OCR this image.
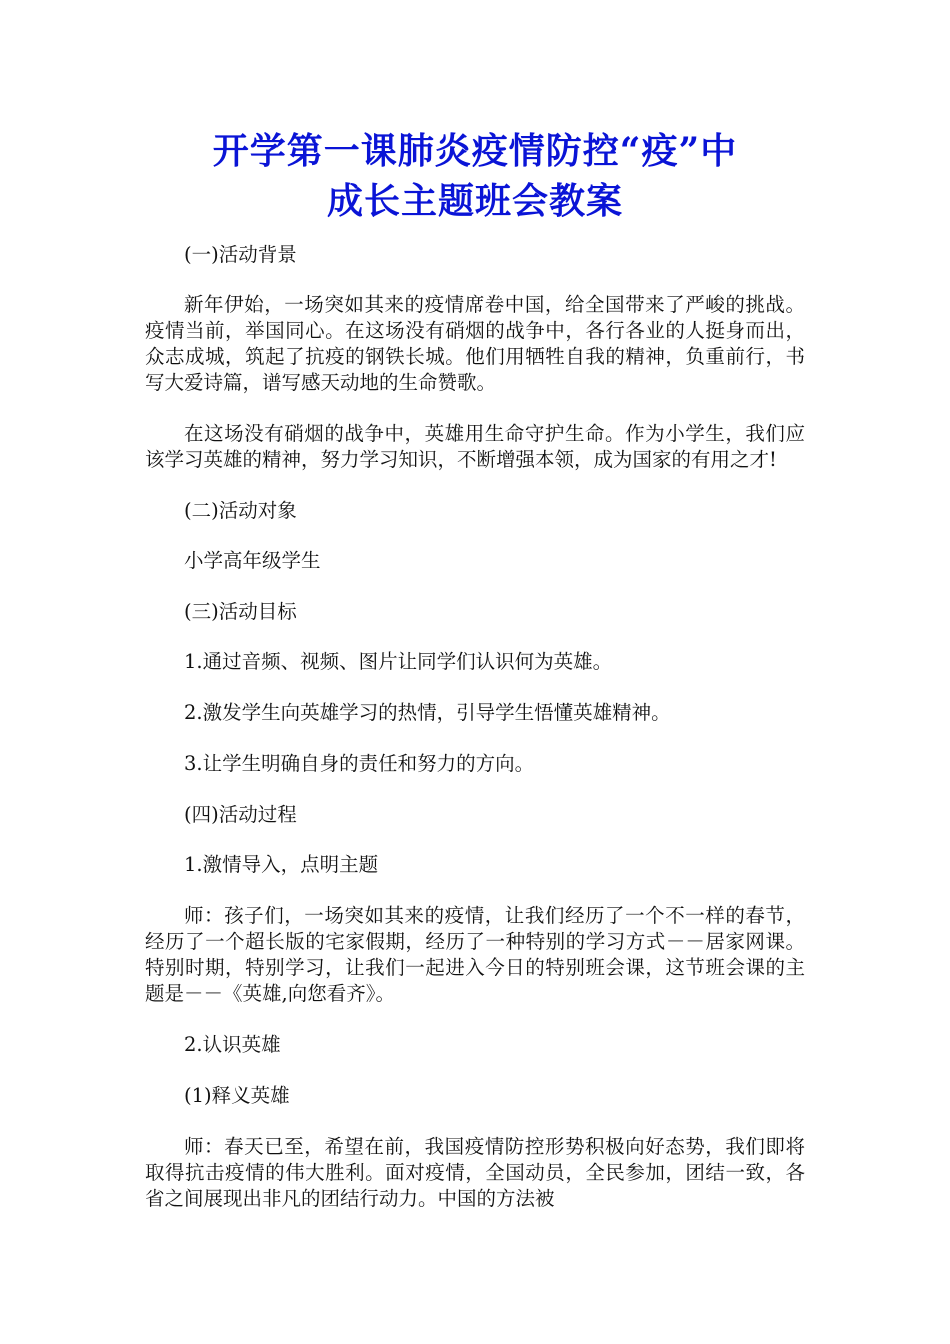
开学第一课肺炎疫情防控“疫”中
成长主题班会教案

(一)活动背景

新年伊始，一场突如其来的疫情席卷中国，给全国带来了严峻的挑战。疫情当前，举国同心。在这场没有硝烟的战争中，各行各业的人挺身而出，众志成城，筑起了抗疫的钢铁长城。他们用牺牲自我的精神，负重前行，书写大爱诗篇，谱写感天动地的生命赞歌。

在这场没有硝烟的战争中，英雄用生命守护生命。作为小学生，我们应该学习英雄的精神，努力学习知识，不断增强本领，成为国家的有用之才!

(二)活动对象

小学高年级学生

(三)活动目标

1.通过音频、视频、图片让同学们认识何为英雄。

2.激发学生向英雄学习的热情，引导学生悟懂英雄精神。

3.让学生明确自身的责任和努力的方向。

(四)活动过程

1.激情导入，点明主题

师：孩子们，一场突如其来的疫情，让我们经历了一个不一样的春节，经历了一个超长版的宅家假期，经历了一种特别的学习方式－－居家网课。特别时期，特别学习，让我们一起进入今日的特别班会课，这节班会课的主题是－－《英雄,向您看齐》。

2.认识英雄

(1)释义英雄

师：春天已至，希望在前，我国疫情防控形势积极向好态势，我们即将取得抗击疫情的伟大胜利。面对疫情，全国动员，全民参加，团结一致，各省之间展现出非凡的团结行动力。中国的方法被
